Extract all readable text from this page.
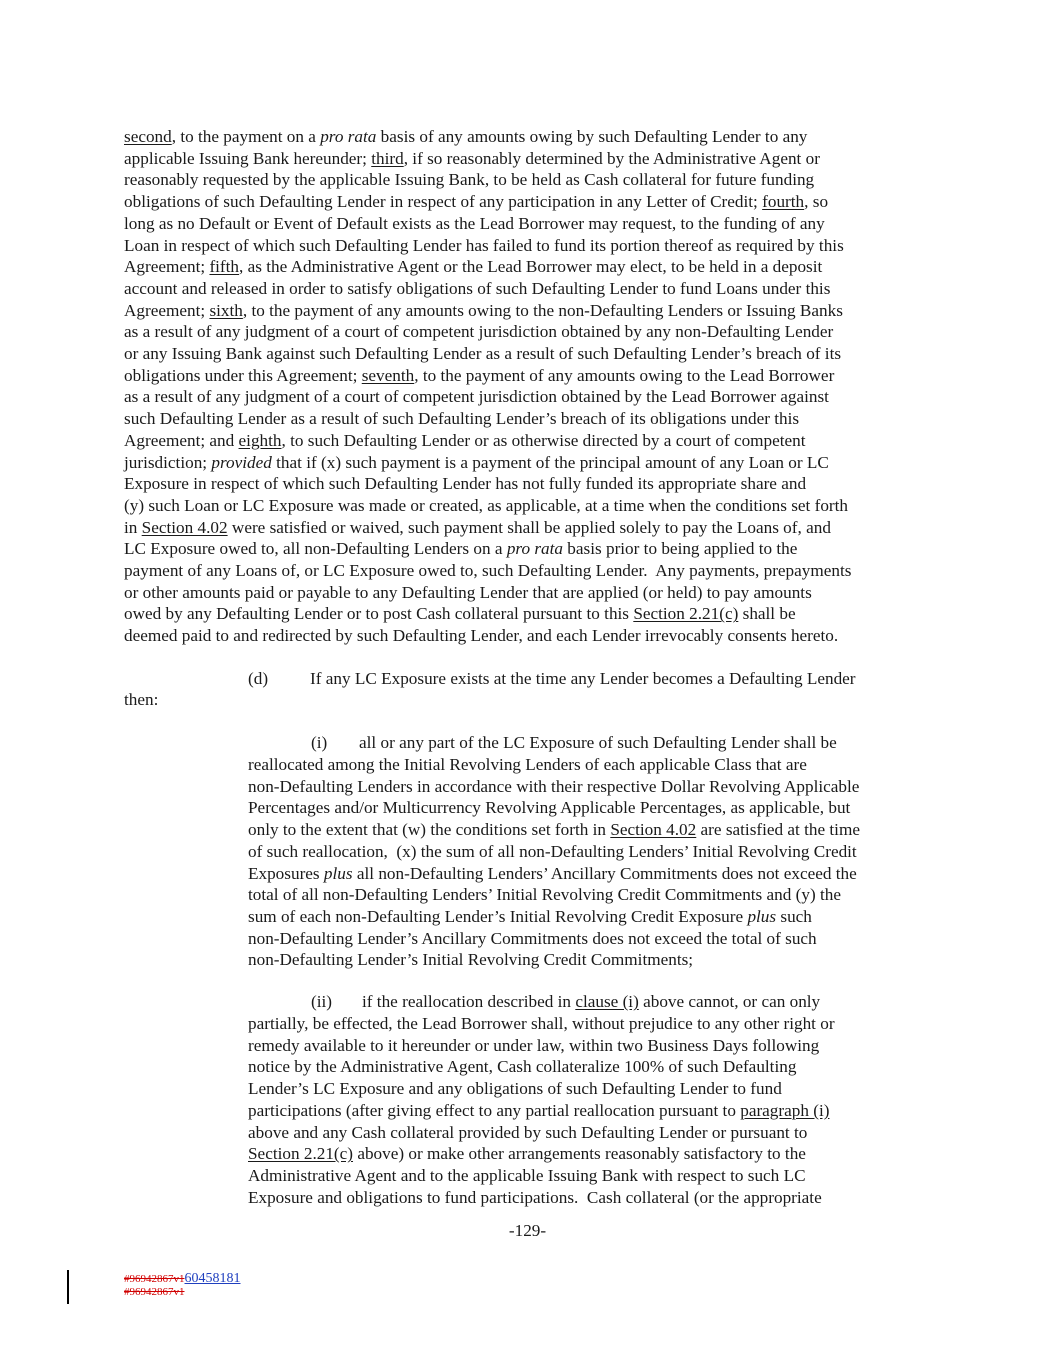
second, to the payment on a pro rata basis of any amounts owing by such Defaulting Lender to any
applicable Issuing Bank hereunder; third, if so reasonably determined by the Administrative Agent or
reasonably requested by the applicable Issuing Bank, to be held as Cash collateral for future funding
obligations of such Defaulting Lender in respect of any participation in any Letter of Credit; fourth, so
long as no Default or Event of Default exists as the Lead Borrower may request, to the funding of any
Loan in respect of which such Defaulting Lender has failed to fund its portion thereof as required by this
Agreement; fifth, as the Administrative Agent or the Lead Borrower may elect, to be held in a deposit
account and released in order to satisfy obligations of such Defaulting Lender to fund Loans under this
Agreement; sixth, to the payment of any amounts owing to the non-Defaulting Lenders or Issuing Banks
as a result of any judgment of a court of competent jurisdiction obtained by any non-Defaulting Lender
or any Issuing Bank against such Defaulting Lender as a result of such Defaulting Lender’s breach of its
obligations under this Agreement; seventh, to the payment of any amounts owing to the Lead Borrower
as a result of any judgment of a court of competent jurisdiction obtained by the Lead Borrower against
such Defaulting Lender as a result of such Defaulting Lender’s breach of its obligations under this
Agreement; and eighth, to such Defaulting Lender or as otherwise directed by a court of competent
jurisdiction; provided that if (x) such payment is a payment of the principal amount of any Loan or LC
Exposure in respect of which such Defaulting Lender has not fully funded its appropriate share and
(y) such Loan or LC Exposure was made or created, as applicable, at a time when the conditions set forth
in Section 4.02 were satisfied or waived, such payment shall be applied solely to pay the Loans of, and
LC Exposure owed to, all non-Defaulting Lenders on a pro rata basis prior to being applied to the
payment of any Loans of, or LC Exposure owed to, such Defaulting Lender.  Any payments, prepayments
or other amounts paid or payable to any Defaulting Lender that are applied (or held) to pay amounts
owed by any Defaulting Lender or to post Cash collateral pursuant to this Section 2.21(c) shall be
deemed paid to and redirected by such Defaulting Lender, and each Lender irrevocably consents hereto.
(d) If any LC Exposure exists at the time any Lender becomes a Defaulting Lender
then:
(i) all or any part of the LC Exposure of such Defaulting Lender shall be
reallocated among the Initial Revolving Lenders of each applicable Class that are
non-Defaulting Lenders in accordance with their respective Dollar Revolving Applicable
Percentages and/or Multicurrency Revolving Applicable Percentages, as applicable, but
only to the extent that (w) the conditions set forth in Section 4.02 are satisfied at the time
of such reallocation,  (x) the sum of all non-Defaulting Lenders’ Initial Revolving Credit
Exposures plus all non-Defaulting Lenders’ Ancillary Commitments does not exceed the
total of all non-Defaulting Lenders’ Initial Revolving Credit Commitments and (y) the
sum of each non-Defaulting Lender’s Initial Revolving Credit Exposure plus such
non-Defaulting Lender’s Ancillary Commitments does not exceed the total of such
non-Defaulting Lender’s Initial Revolving Credit Commitments;
(ii) if the reallocation described in clause (i) above cannot, or can only
partially, be effected, the Lead Borrower shall, without prejudice to any other right or
remedy available to it hereunder or under law, within two Business Days following
notice by the Administrative Agent, Cash collateralize 100% of such Defaulting
Lender’s LC Exposure and any obligations of such Defaulting Lender to fund
participations (after giving effect to any partial reallocation pursuant to paragraph (i)
above and any Cash collateral provided by such Defaulting Lender or pursuant to
Section 2.21(c) above) or make other arrangements reasonably satisfactory to the
Administrative Agent and to the applicable Issuing Bank with respect to such LC
Exposure and obligations to fund participations.  Cash collateral (or the appropriate
-129-
#96942867v160458181
#96942867v1
